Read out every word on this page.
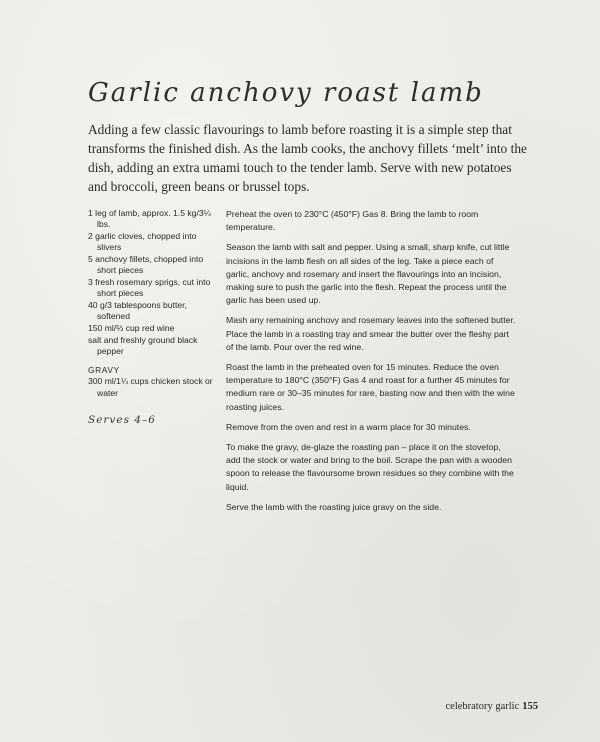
Garlic anchovy roast lamb

Adding a few classic flavourings to lamb before roasting it is a simple step that transforms the finished dish. As the lamb cooks, the anchovy fillets ‘melt’ into the dish, adding an extra umami touch to the tender lamb. Serve with new potatoes and broccoli, green beans or brussel tops.

1 leg of lamb, approx. 1.5 kg/3¼ lbs.

2 garlic cloves, chopped into slivers

5 anchovy fillets, chopped into short pieces

3 fresh rosemary sprigs, cut into short pieces

40 g/3 tablespoons butter, softened

150 ml/⅔ cup red wine

salt and freshly ground black pepper

GRAVY

300 ml/1¼ cups chicken stock or water

Serves 4–6

Preheat the oven to 230°C (450°F) Gas 8. Bring the lamb to room temperature.

Season the lamb with salt and pepper. Using a small, sharp knife, cut little incisions in the lamb flesh on all sides of the leg. Take a piece each of garlic, anchovy and rosemary and insert the flavourings into an incision, making sure to push the garlic into the flesh. Repeat the process until the garlic has been used up.

Mash any remaining anchovy and rosemary leaves into the softened butter. Place the lamb in a roasting tray and smear the butter over the fleshy part of the lamb. Pour over the red wine.

Roast the lamb in the preheated oven for 15 minutes. Reduce the oven temperature to 180°C (350°F) Gas 4 and roast for a further 45 minutes for medium rare or 30–35 minutes for rare, basting now and then with the wine roasting juices.

Remove from the oven and rest in a warm place for 30 minutes.

To make the gravy, de-glaze the roasting pan – place it on the stovetop, add the stock or water and bring to the boil. Scrape the pan with a wooden spoon to release the flavoursome brown residues so they combine with the liquid.

Serve the lamb with the roasting juice gravy on the side.

celebratory garlic 155
